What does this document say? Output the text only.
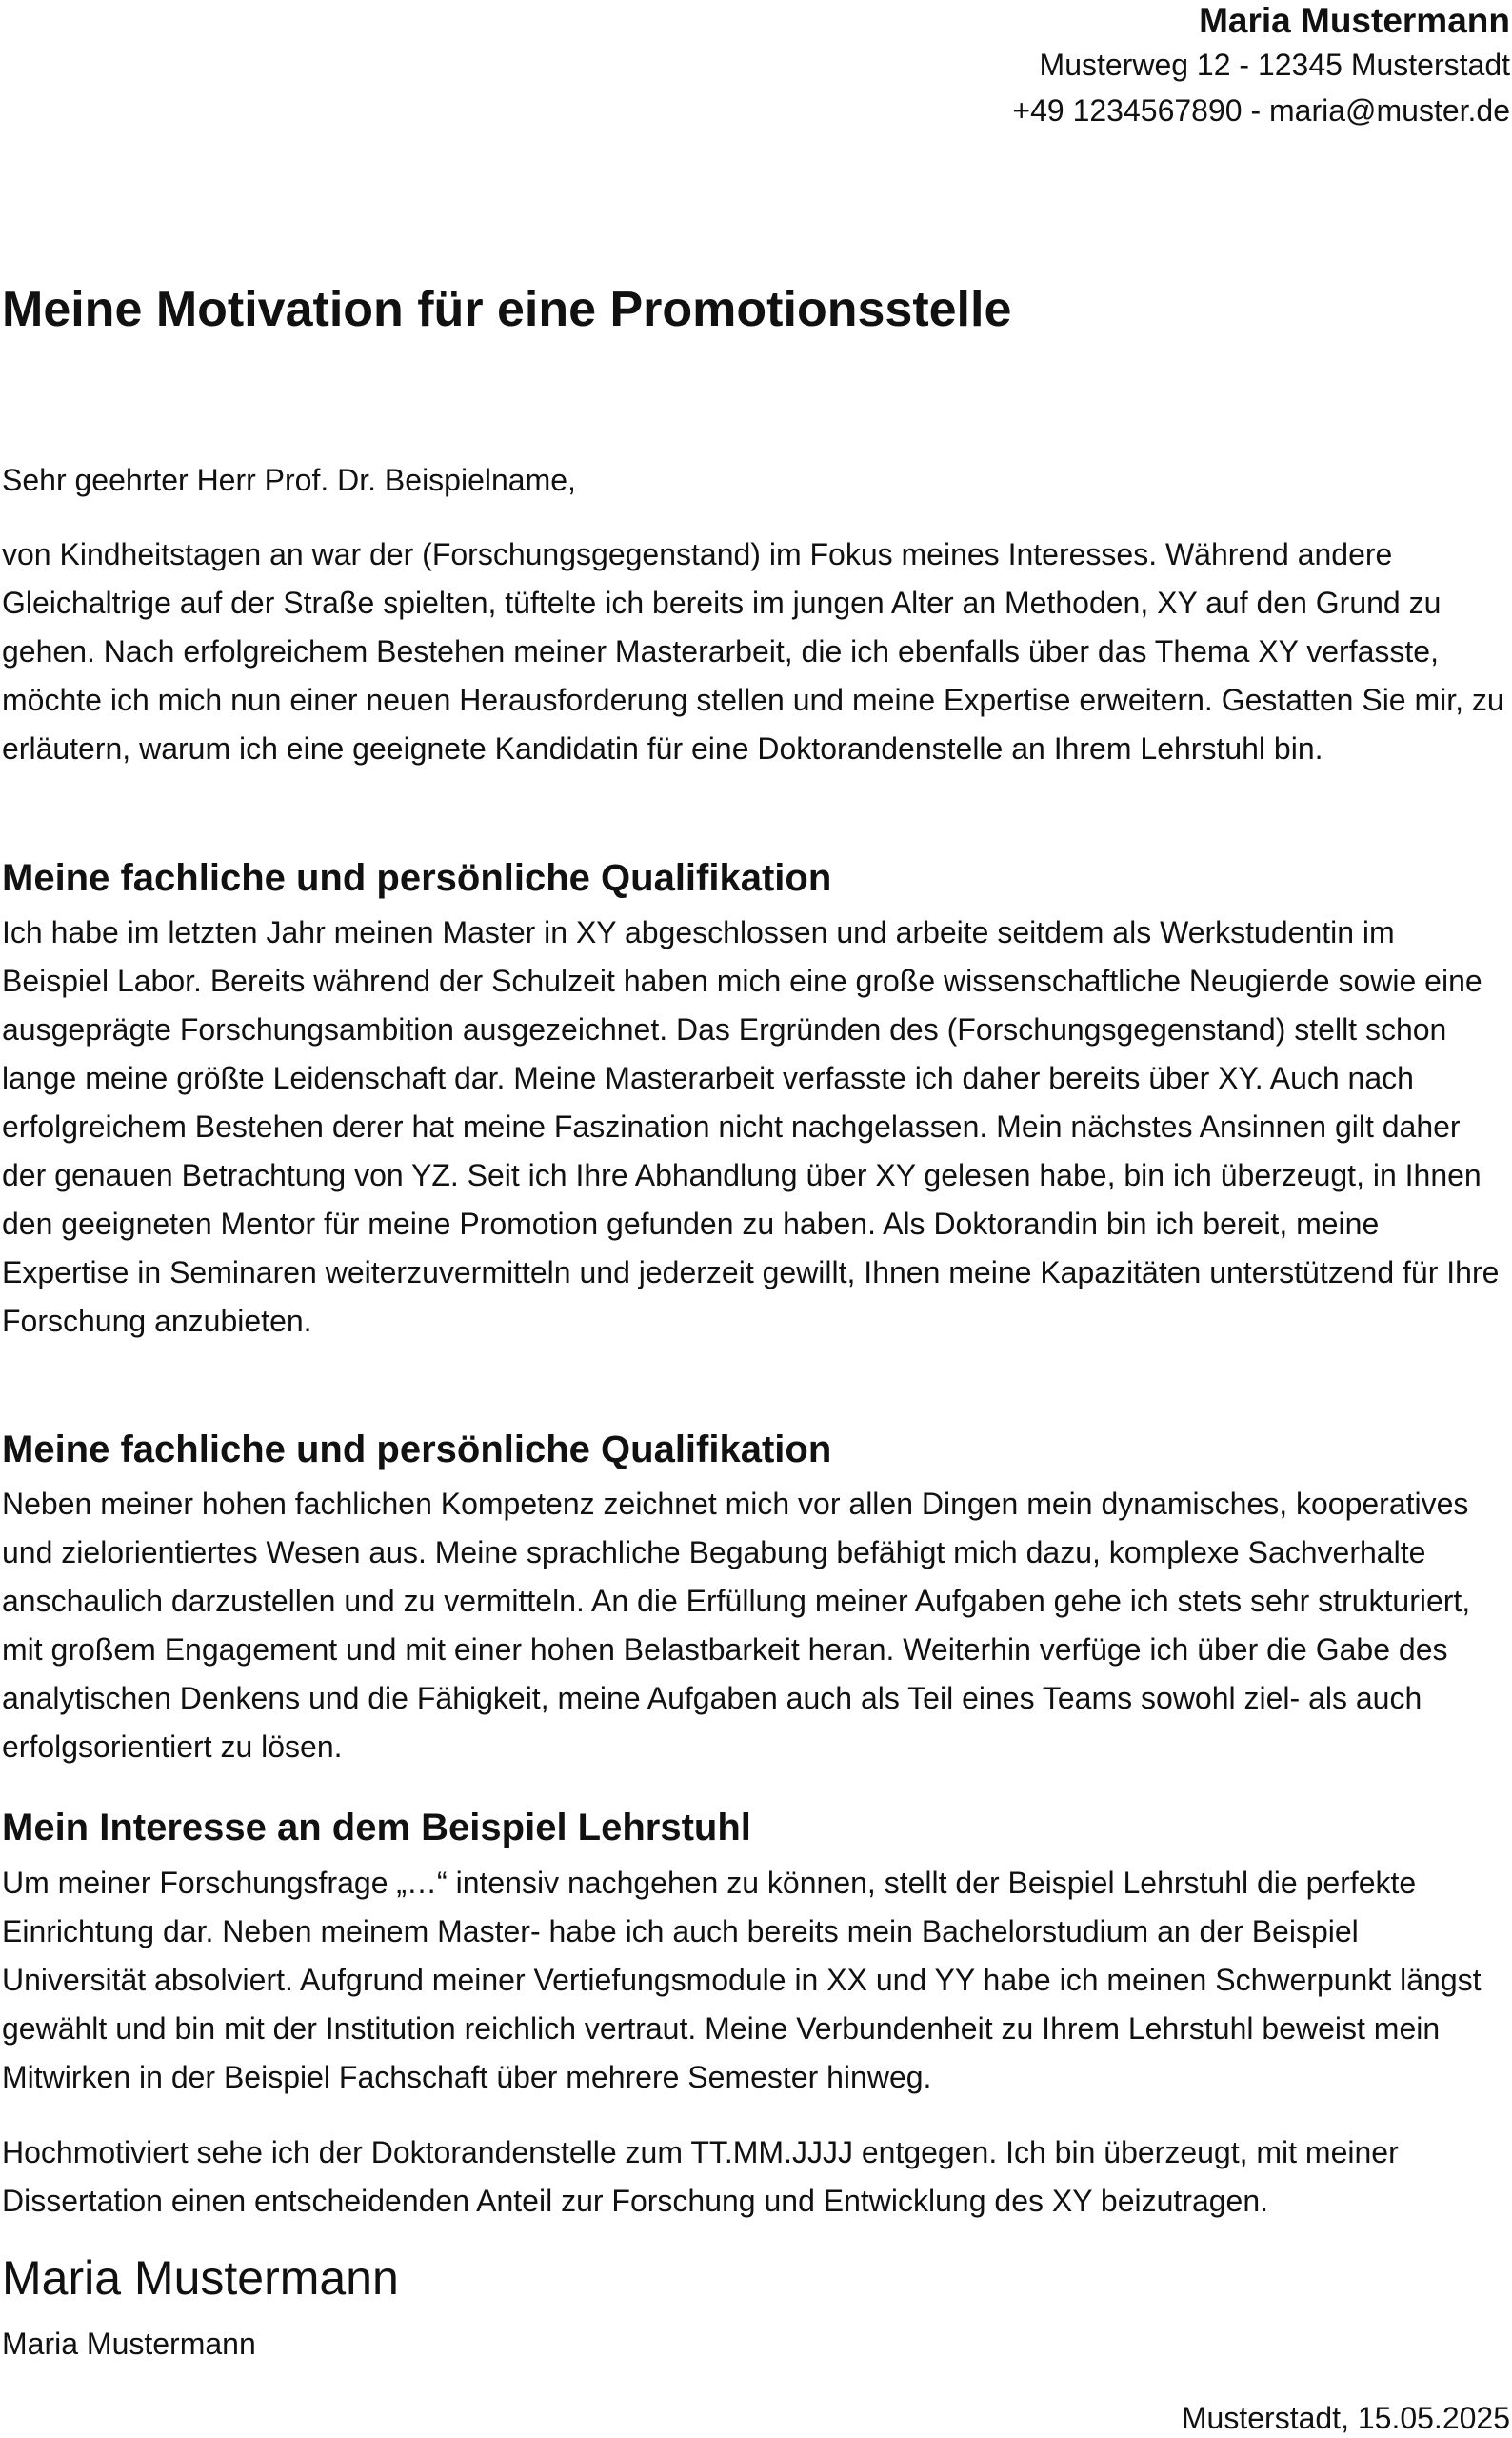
Maria Mustermann
Musterweg 12 - 12345 Musterstadt
+49 1234567890 - maria@muster.de
Meine Motivation für eine Promotionsstelle

Sehr geehrter Herr Prof. Dr. Beispielname,

von Kindheitstagen an war der (Forschungsgegenstand) im Fokus meines Interesses. Während andere Gleichaltrige auf der Straße spielten, tüftelte ich bereits im jungen Alter an Methoden, XY auf den Grund zu gehen. Nach erfolgreichem Bestehen meiner Masterarbeit, die ich ebenfalls über das Thema XY verfasste, möchte ich mich nun einer neuen Herausforderung stellen und meine Expertise erweitern. Gestatten Sie mir, zu erläutern, warum ich eine geeignete Kandidatin für eine Doktorandenstelle an Ihrem Lehrstuhl bin.

Meine fachliche und persönliche Qualifikation

Ich habe im letzten Jahr meinen Master in XY abgeschlossen und arbeite seitdem als Werkstudentin im Beispiel Labor. Bereits während der Schulzeit haben mich eine große wissenschaftliche Neugierde sowie eine ausgeprägte Forschungsambition ausgezeichnet. Das Ergründen des (Forschungsgegenstand) stellt schon lange meine größte Leidenschaft dar. Meine Masterarbeit verfasste ich daher bereits über XY. Auch nach erfolgreichem Bestehen derer hat meine Faszination nicht nachgelassen. Mein nächstes Ansinnen gilt daher der genauen Betrachtung von YZ. Seit ich Ihre Abhandlung über XY gelesen habe, bin ich überzeugt, in Ihnen den geeigneten Mentor für meine Promotion gefunden zu haben. Als Doktorandin bin ich bereit, meine Expertise in Seminaren weiterzuvermitteln und jederzeit gewillt, Ihnen meine Kapazitäten unterstützend für Ihre Forschung anzubieten.

Meine fachliche und persönliche Qualifikation

Neben meiner hohen fachlichen Kompetenz zeichnet mich vor allen Dingen mein dynamisches, kooperatives und zielorientiertes Wesen aus. Meine sprachliche Begabung befähigt mich dazu, komplexe Sachverhalte anschaulich darzustellen und zu vermitteln. An die Erfüllung meiner Aufgaben gehe ich stets sehr strukturiert, mit großem Engagement und mit einer hohen Belastbarkeit heran. Weiterhin verfüge ich über die Gabe des analytischen Denkens und die Fähigkeit, meine Aufgaben auch als Teil eines Teams sowohl ziel- als auch erfolgsorientiert zu lösen.

Mein Interesse an dem Beispiel Lehrstuhl

Um meiner Forschungsfrage „…“ intensiv nachgehen zu können, stellt der Beispiel Lehrstuhl die perfekte Einrichtung dar. Neben meinem Master- habe ich auch bereits mein Bachelorstudium an der Beispiel Universität absolviert. Aufgrund meiner Vertiefungsmodule in XX und YY habe ich meinen Schwerpunkt längst gewählt und bin mit der Institution reichlich vertraut. Meine Verbundenheit zu Ihrem Lehrstuhl beweist mein Mitwirken in der Beispiel Fachschaft über mehrere Semester hinweg.

Hochmotiviert sehe ich der Doktorandenstelle zum TT.MM.JJJJ entgegen. Ich bin überzeugt, mit meiner Dissertation einen entscheidenden Anteil zur Forschung und Entwicklung des XY beizutragen.

Maria Mustermann
Maria Mustermann
Musterstadt, 15.05.2025
